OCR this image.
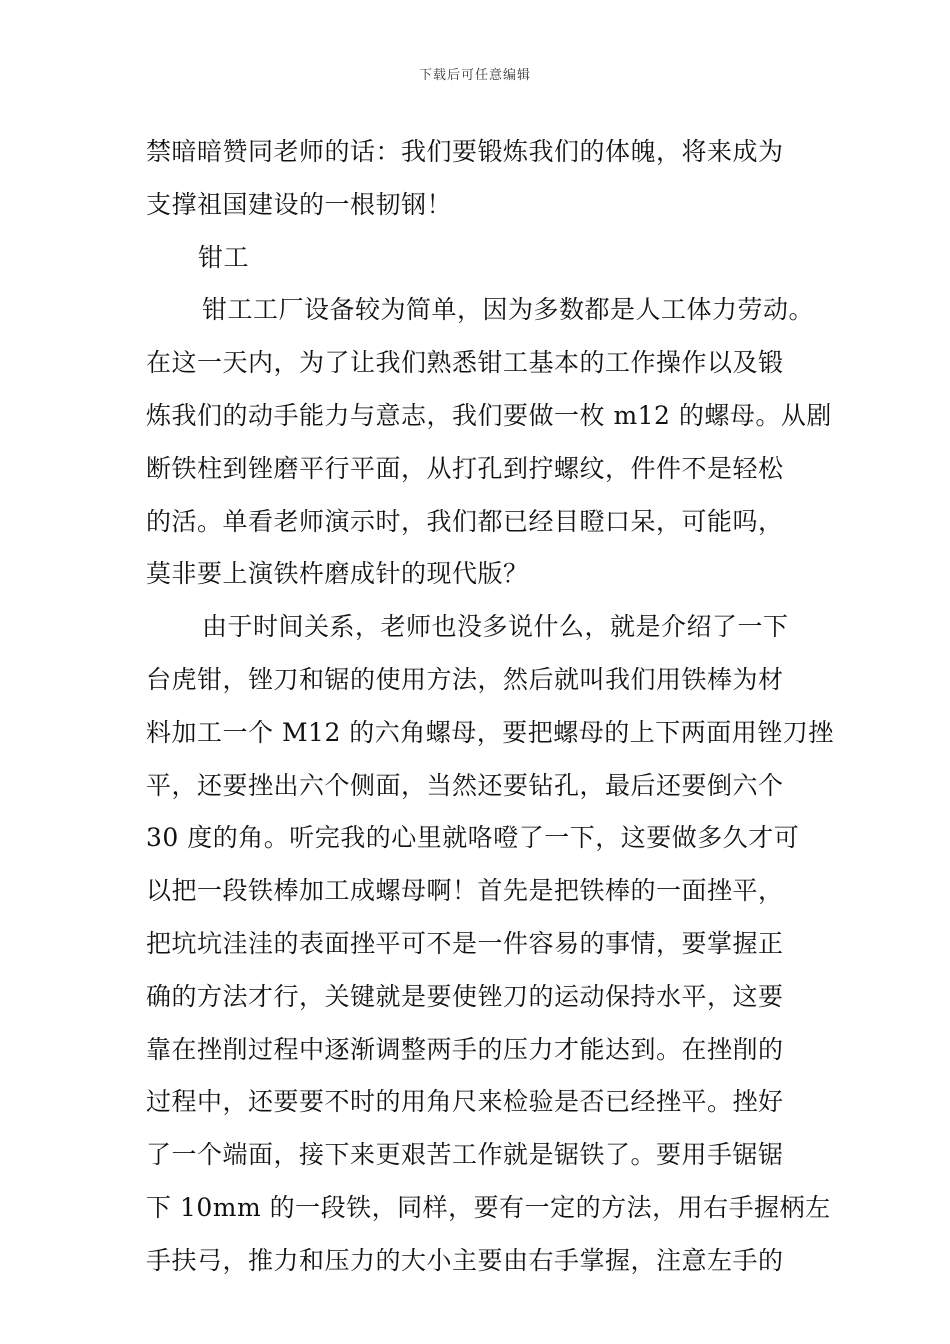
下载后可任意编辑
禁暗暗赞同老师的话：我们要锻炼我们的体魄，将来成为
支撑祖国建设的一根韧钢！
钳工
钳工工厂设备较为简单，因为多数都是人工体力劳动。
在这一天内，为了让我们熟悉钳工基本的工作操作以及锻
炼我们的动手能力与意志，我们要做一枚 m12 的螺母。从剧
断铁柱到锉磨平行平面，从打孔到拧螺纹，件件不是轻松
的活。单看老师演示时，我们都已经目瞪口呆，可能吗，
莫非要上演铁杵磨成针的现代版？
由于时间关系，老师也没多说什么，就是介绍了一下
台虎钳，锉刀和锯的使用方法，然后就叫我们用铁棒为材
料加工一个 M12 的六角螺母，要把螺母的上下两面用锉刀挫
平，还要挫出六个侧面，当然还要钻孔，最后还要倒六个
30 度的角。听完我的心里就咯噔了一下，这要做多久才可
以把一段铁棒加工成螺母啊！首先是把铁棒的一面挫平，
把坑坑洼洼的表面挫平可不是一件容易的事情，要掌握正
确的方法才行，关键就是要使锉刀的运动保持水平，这要
靠在挫削过程中逐渐调整两手的压力才能达到。在挫削的
过程中，还要要不时的用角尺来检验是否已经挫平。挫好
了一个端面，接下来更艰苦工作就是锯铁了。要用手锯锯
下 10mm 的一段铁，同样，要有一定的方法，用右手握柄左
手扶弓，推力和压力的大小主要由右手掌握，注意左手的
